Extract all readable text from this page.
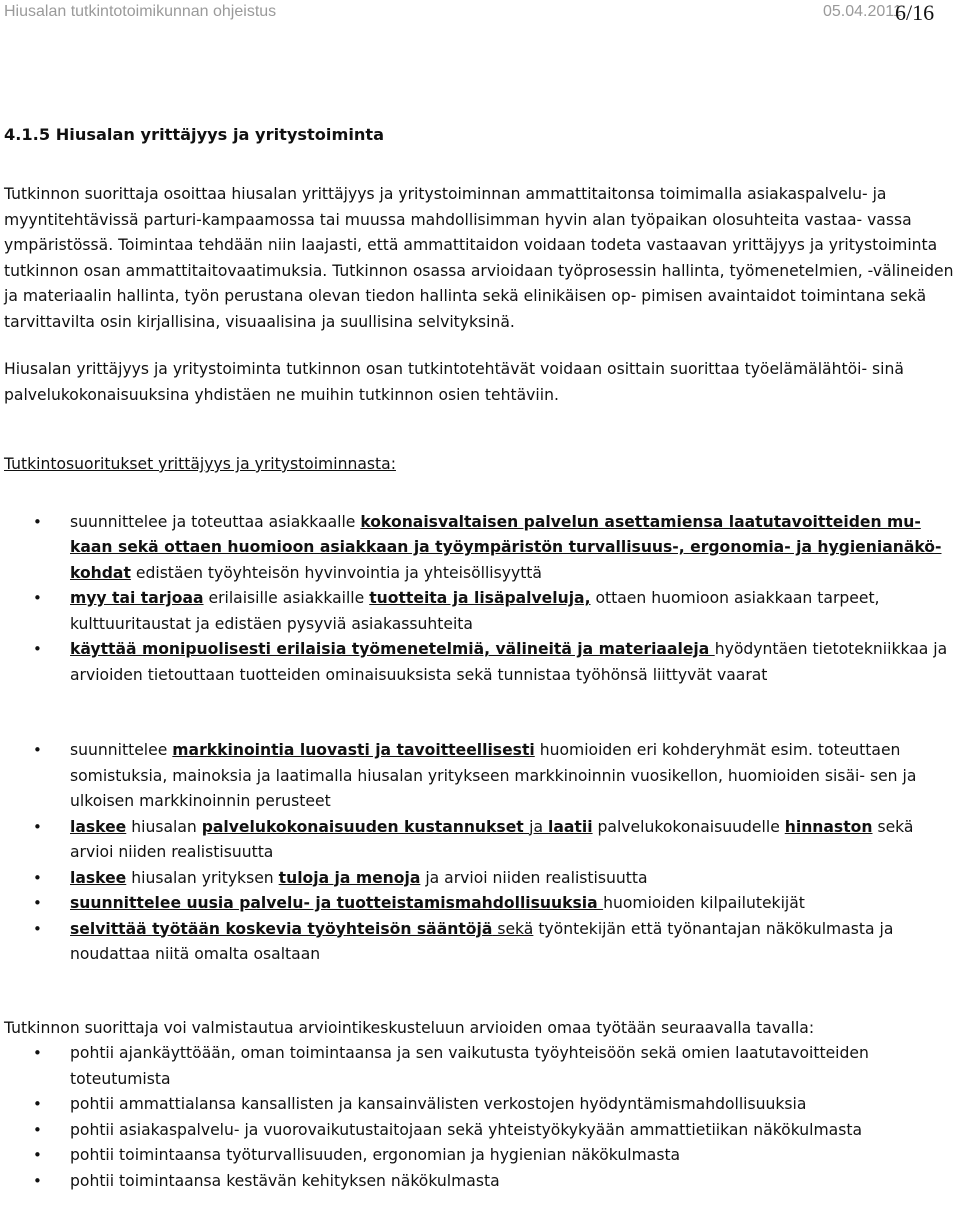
Hiusalan tutkintotoimikunnan ohjeistus	05.04.2011
6/16
4.1.5 Hiusalan yrittäjyys ja yritystoiminta

Tutkinnon suorittaja osoittaa hiusalan yrittäjyys ja yritystoiminnan ammattitaitonsa toimimalla asiakaspalvelu- ja myyntitehtävissä parturi-kampaamossa tai muussa mahdollisimman hyvin alan työpaikan olosuhteita vastaa- vassa ympäristössä. Toimintaa tehdään niin laajasti, että ammattitaidon voidaan todeta vastaavan yrittäjyys ja yritystoiminta tutkinnon osan ammattitaitovaatimuksia. Tutkinnon osassa arvioidaan työprosessin hallinta, työmenetelmien, -välineiden ja materiaalin hallinta, työn perustana olevan tiedon hallinta sekä elinikäisen op- pimisen avaintaidot toimintana sekä tarvittavilta osin kirjallisina, visuaalisina ja suullisina selvityksinä.

Hiusalan yrittäjyys ja yritystoiminta tutkinnon osan tutkintotehtävät voidaan osittain suorittaa työelämälähtöi- sinä palvelukokonaisuuksina yhdistäen ne muihin tutkinnon osien tehtäviin.

Tutkintosuoritukset yrittäjyys ja yritystoiminnasta:

• suunnittelee ja toteuttaa asiakkaalle kokonaisvaltaisen palvelun asettamiensa laatutavoitteiden mu- kaan sekä ottaen huomioon asiakkaan ja työympäristön turvallisuus-, ergonomia- ja hygienianäkö- kohdat edistäen työyhteisön hyvinvointia ja yhteisöllisyyttä
• myy tai tarjoaa erilaisille asiakkaille tuotteita ja lisäpalveluja, ottaen huomioon asiakkaan tarpeet, kulttuuritaustat ja edistäen pysyviä asiakassuhteita
• käyttää monipuolisesti erilaisia työmenetelmiä, välineitä ja materiaaleja hyödyntäen tietotekniikkaa ja arvioiden tietouttaan tuotteiden ominaisuuksista sekä tunnistaa työhönsä liittyvät vaarat
• suunnittelee markkinointia luovasti ja tavoitteellisesti huomioiden eri kohderyhmät esim. toteuttaen somistuksia, mainoksia ja laatimalla hiusalan yritykseen markkinoinnin vuosikellon, huomioiden sisäi- sen ja ulkoisen markkinoinnin perusteet
• laskee hiusalan palvelukokonaisuuden kustannukset ja laatii palvelukokonaisuudelle hinnaston sekä arvioi niiden realistisuutta
• laskee hiusalan yrityksen tuloja ja menoja ja arvioi niiden realistisuutta
• suunnittelee uusia palvelu- ja tuotteistamismahdollisuuksia huomioiden kilpailutekijät
• selvittää työtään koskevia työyhteisön sääntöjä sekä työntekijän että työnantajan näkökulmasta ja noudattaa niitä omalta osaltaan

Tutkinnon suorittaja voi valmistautua arviointikeskusteluun arvioiden omaa työtään seuraavalla tavalla:

• pohtii ajankäyttöään, oman toimintaansa ja sen vaikutusta työyhteisöön sekä omien laatutavoitteiden toteutumista
• pohtii ammattialansa kansallisten ja kansainvälisten verkostojen hyödyntämismahdollisuuksia
• pohtii asiakaspalvelu- ja vuorovaikutustaitojaan sekä yhteistyökykyään ammattietiikan näkökulmasta
• pohtii toimintaansa työturvallisuuden, ergonomian ja hygienian näkökulmasta
• pohtii toimintaansa kestävän kehityksen näkökulmasta
